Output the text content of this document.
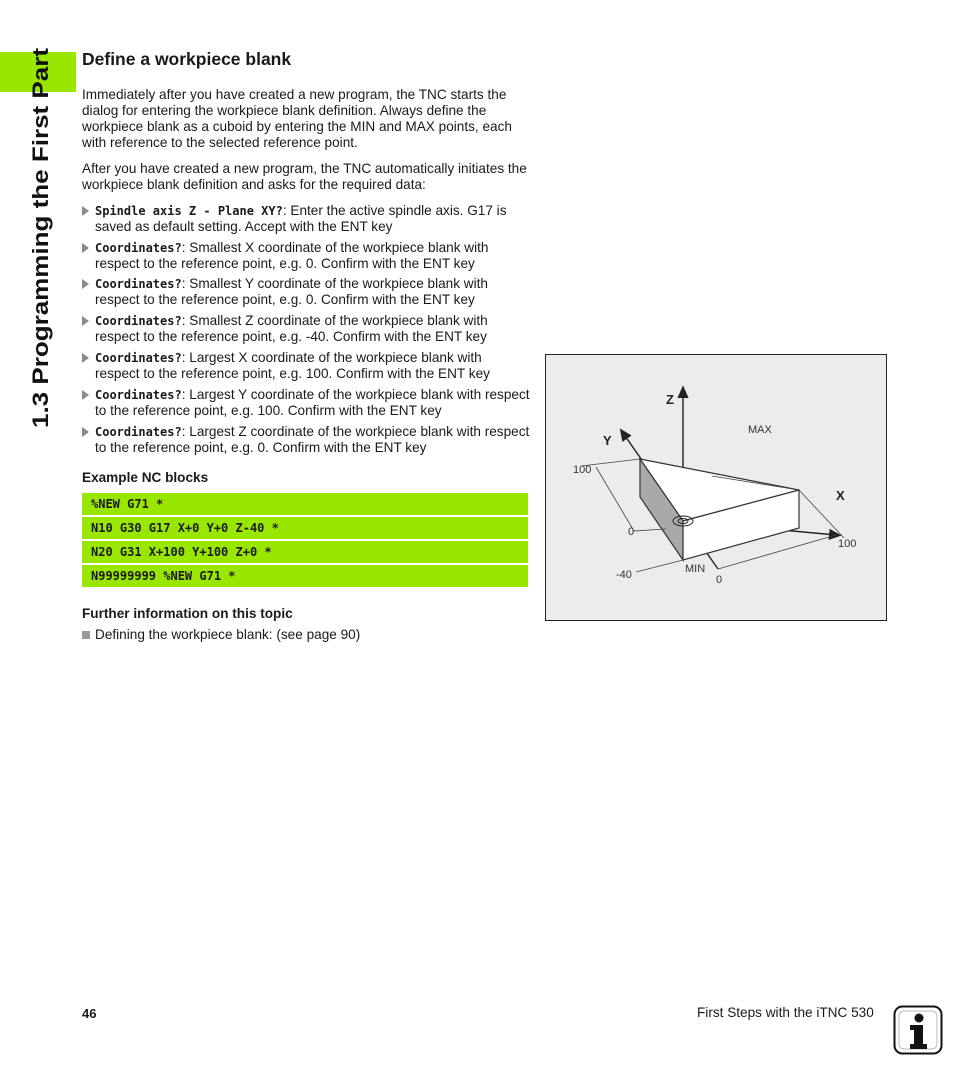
1.3 Programming the First Part
Define a workpiece blank

Immediately after you have created a new program, the TNC starts the dialog for entering the workpiece blank definition. Always define the workpiece blank as a cuboid by entering the MIN and MAX points, each with reference to the selected reference point.

After you have created a new program, the TNC automatically initiates the workpiece blank definition and asks for the required data:

Spindle axis Z - Plane XY?: Enter the active spindle axis. G17 is saved as default setting. Accept with the ENT key
Coordinates?: Smallest X coordinate of the workpiece blank with respect to the reference point, e.g. 0. Confirm with the ENT key
Coordinates?: Smallest Y coordinate of the workpiece blank with respect to the reference point, e.g. 0. Confirm with the ENT key
Coordinates?: Smallest Z coordinate of the workpiece blank with respect to the reference point, e.g. -40. Confirm with the ENT key
Coordinates?: Largest X coordinate of the workpiece blank with respect to the reference point, e.g. 100. Confirm with the ENT key
Coordinates?: Largest Y coordinate of the workpiece blank with respect to the reference point, e.g. 100. Confirm with the ENT key
Coordinates?: Largest Z coordinate of the workpiece blank with respect to the reference point, e.g. 0. Confirm with the ENT key
Example NC blocks
%NEW G71 *
N10 G30 G17 X+0 Y+0 Z-40 *
N20 G31 X+100 Y+100 Z+0 *
N99999999 %NEW G71 *
Further information on this topic
Defining the workpiece blank: (see page 90)
Z
Y
X
MAX
MIN
100
0
-40	0
100
46	First Steps with the iTNC 530
